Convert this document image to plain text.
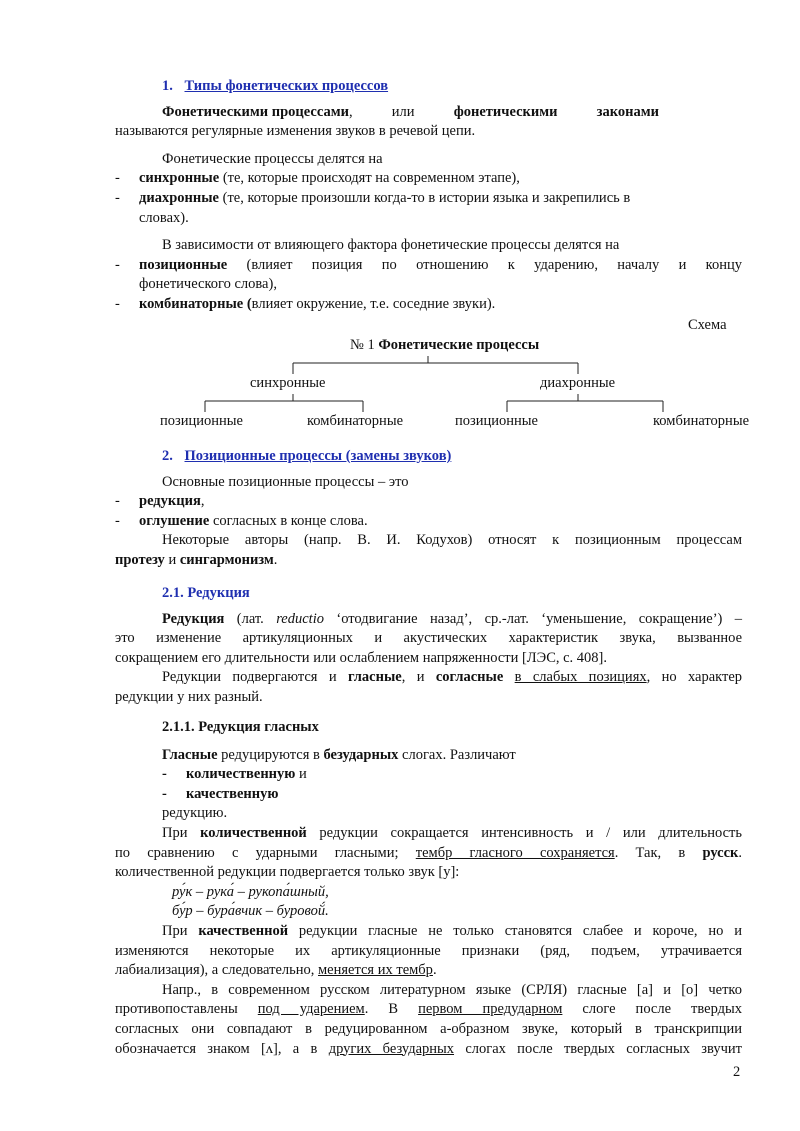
1. Типы фонетических процессов
Фонетическими процессами,	или	фонетическими	законами
называются регулярные изменения звуков в речевой цепи.
Фонетические процессы делятся на
- синхронные (те, которые происходят на современном этапе),
- диахронные (те, которые произошли когда-то в истории языка и закрепились в
словах).
В зависимости от влияющего фактора фонетические процессы делятся на
-	позиционные (влияет позиция по отношению к ударению, началу и концу
фонетического слова),
- комбинаторные (влияет окружение, т.е. соседние звуки).
Схема
№ 1 Фонетические процессы
синхронные	диахронные
позиционные	комбинаторные	позиционные	комбинаторные
2. Позиционные процессы (замены звуков)
Основные позиционные процессы – это
- редукция,
- оглушение согласных в конце слова.
Некоторые авторы (напр. В. И. Кодухов) относят к позиционным процессам
протезу и сингармонизм.
2.1. Редукция
Редукция (лат. reductio ‘отодвигание назад’, ср.-лат. ‘уменьшение, сокращение’) –
это изменение артикуляционных и акустических характеристик звука, вызванное
сокращением его длительности или ослаблением напряженности [ЛЭС, с. 408].
Редукции подвергаются и гласные, и согласные в слабых позициях, но характер
редукции у них разный.
2.1.1. Редукция гласных
Гласные редуцируются в безударных слогах. Различают
- количественную и
- качественную
редукцию.
При количественной редукции сокращается интенсивность и / или длительность
по сравнению с ударными гласными; тембр гласного сохраняется. Так, в русск.
количественной редукции подвергается только звук [у]:
ру́к – рука́ – рукопа́шный,
бу́р – бура́вчик – буровой́.
При качественной редукции гласные не только становятся слабее и короче, но и
изменяются некоторые их артикуляционные признаки (ряд, подъем, утрачивается
лабиализация), а следовательно, меняется их тембр.
Напр., в современном русском литературном языке (СРЛЯ) гласные [а] и [о] четко
противопоставлены под ударением. В первом предударном слоге после твердых
согласных они совпадают в редуцированном а-образном звуке, который в транскрипции
обозначается знаком [ʌ], а в других безударных слогах после твердых согласных звучит
2
